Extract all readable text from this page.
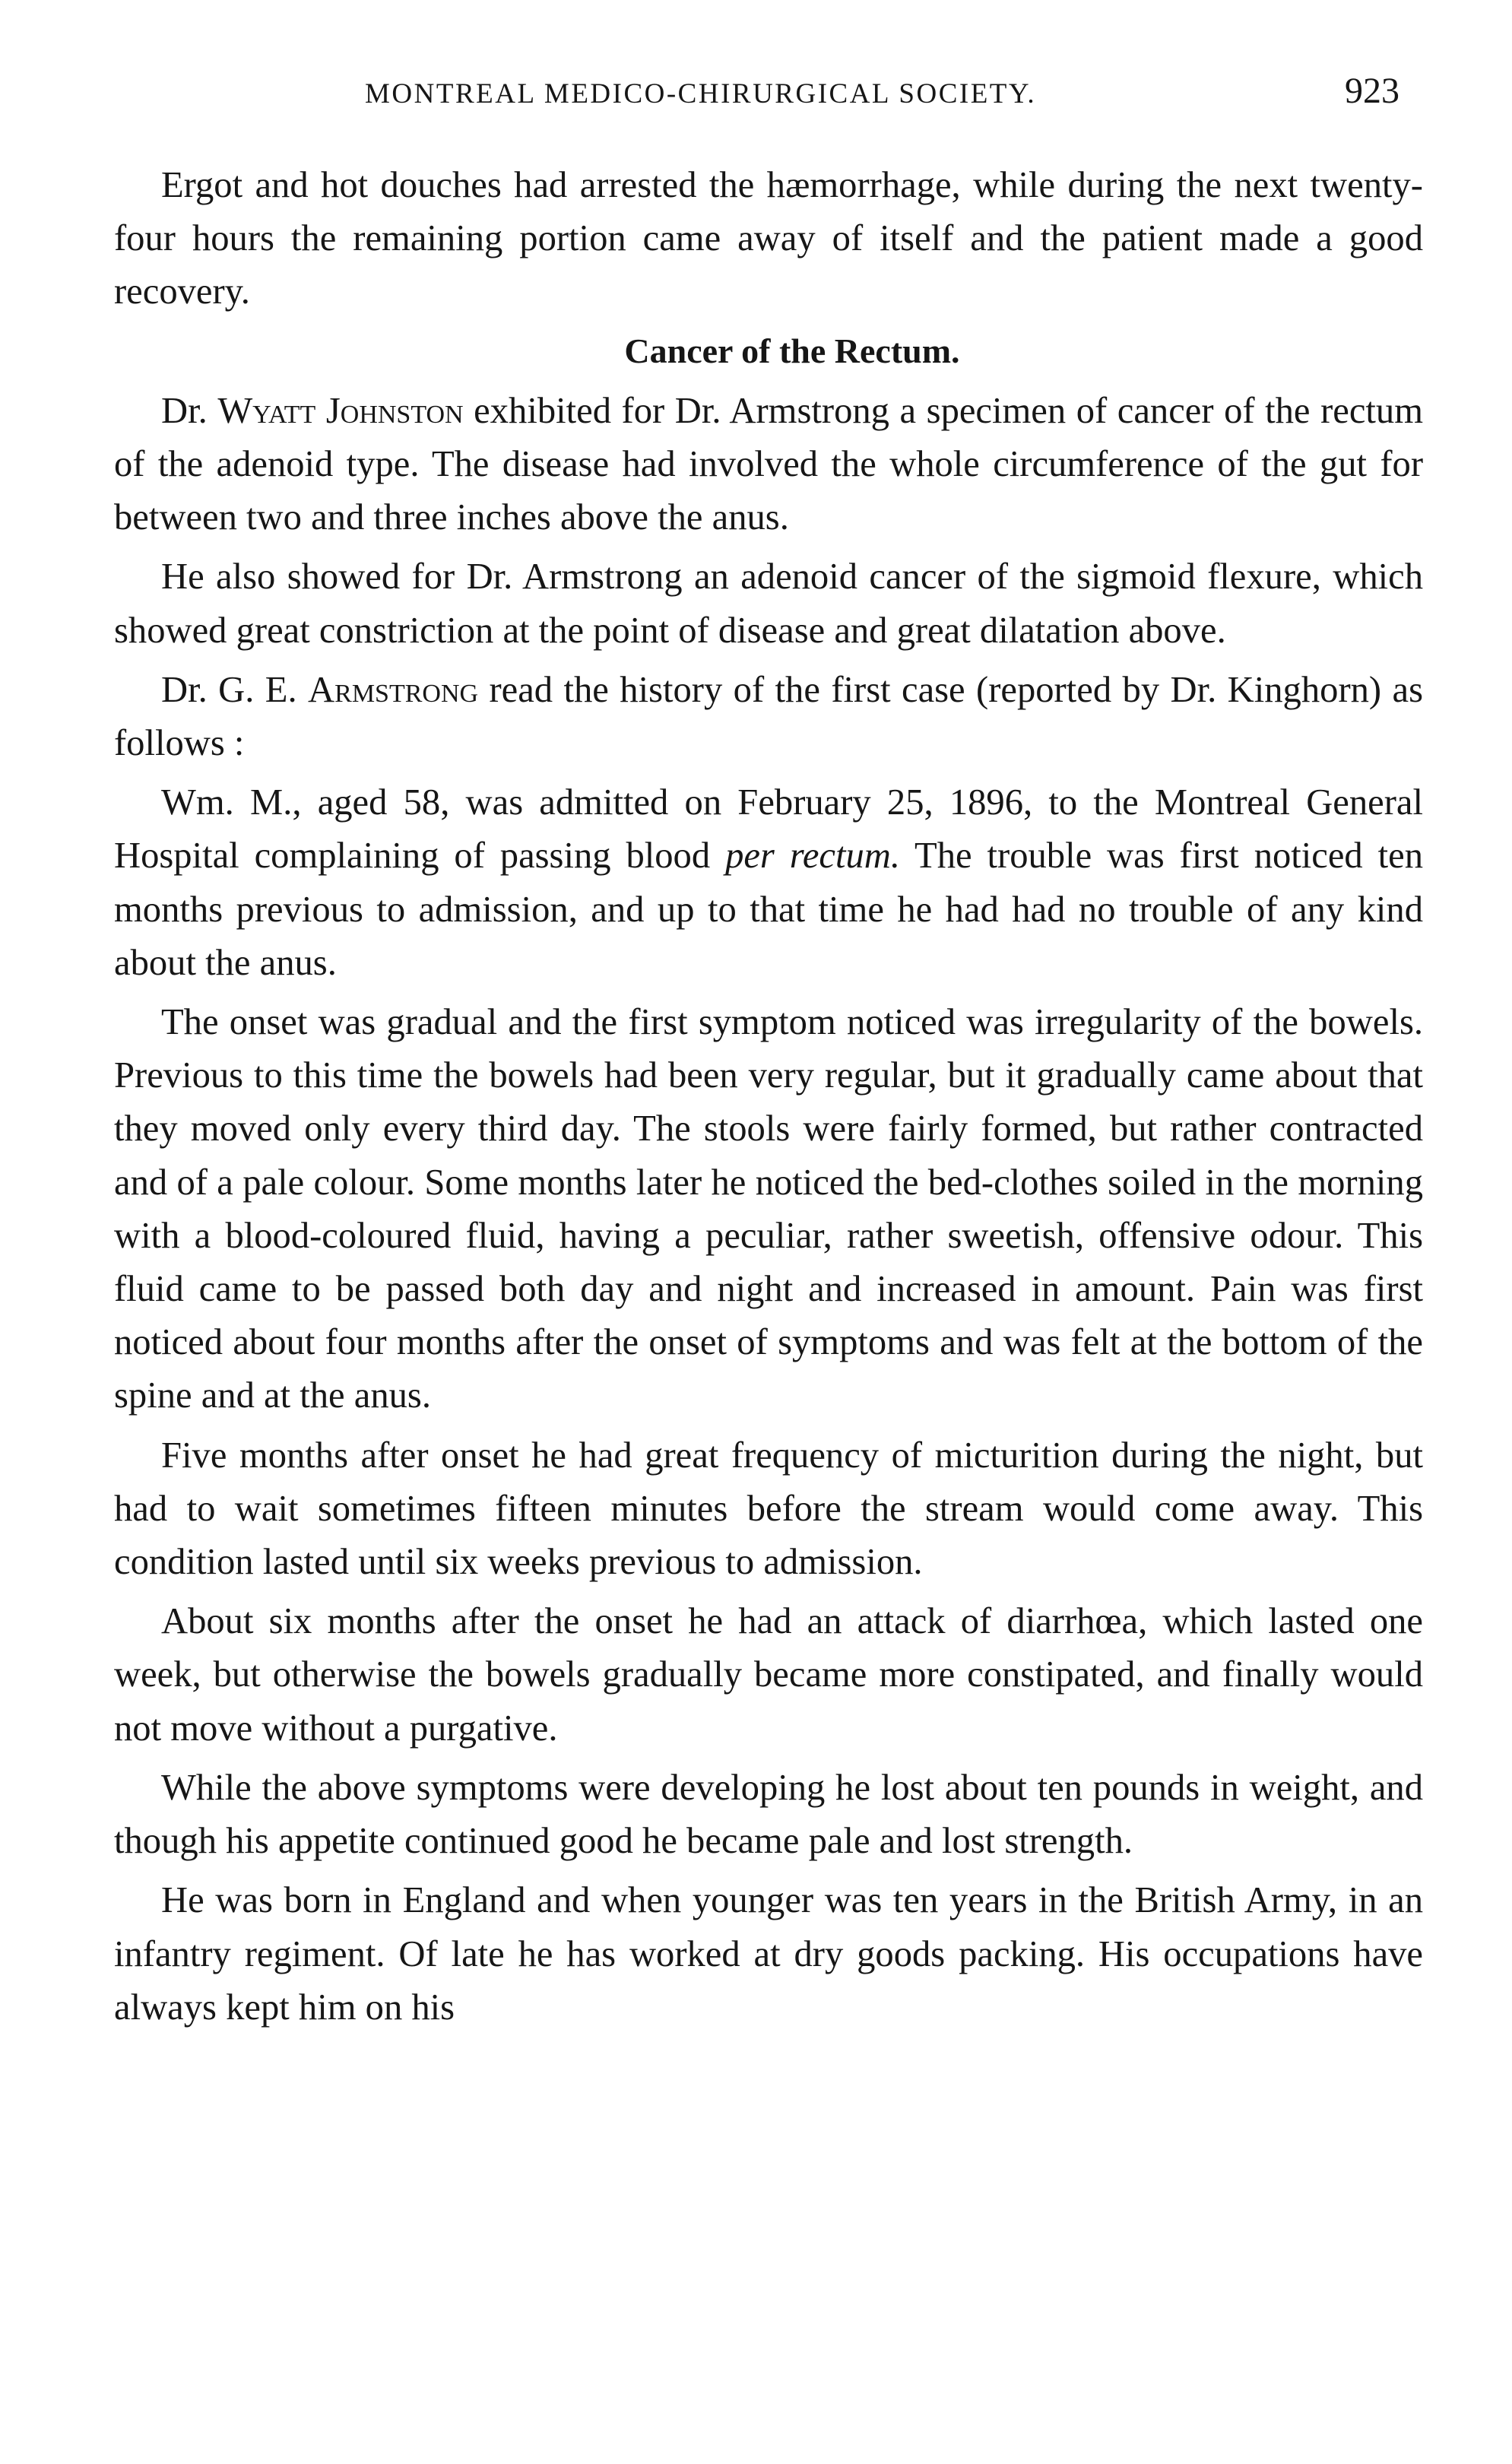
MONTREAL MEDICO-CHIRURGICAL SOCIETY.	923

Ergot and hot douches had arrested the hæmorrhage, while during the next twenty-four hours the remaining portion came away of itself and the patient made a good recovery.

Cancer of the Rectum.

Dr. Wyatt Johnston exhibited for Dr. Armstrong a specimen of cancer of the rectum of the adenoid type. The disease had involved the whole circumference of the gut for between two and three inches above the anus.

He also showed for Dr. Armstrong an adenoid cancer of the sigmoid flexure, which showed great constriction at the point of disease and great dilatation above.

Dr. G. E. Armstrong read the history of the first case (reported by Dr. Kinghorn) as follows :

Wm. M., aged 58, was admitted on February 25, 1896, to the Montreal General Hospital complaining of passing blood per rectum. The trouble was first noticed ten months previous to admission, and up to that time he had had no trouble of any kind about the anus.

The onset was gradual and the first symptom noticed was irregularity of the bowels. Previous to this time the bowels had been very regular, but it gradually came about that they moved only every third day. The stools were fairly formed, but rather contracted and of a pale colour. Some months later he noticed the bed-clothes soiled in the morning with a blood-coloured fluid, having a peculiar, rather sweetish, offensive odour. This fluid came to be passed both day and night and increased in amount. Pain was first noticed about four months after the onset of symptoms and was felt at the bottom of the spine and at the anus.

Five months after onset he had great frequency of micturition during the night, but had to wait sometimes fifteen minutes before the stream would come away. This condition lasted until six weeks previous to admission.

About six months after the onset he had an attack of diarrhœa, which lasted one week, but otherwise the bowels gradually became more constipated, and finally would not move without a purgative.

While the above symptoms were developing he lost about ten pounds in weight, and though his appetite continued good he became pale and lost strength.

He was born in England and when younger was ten years in the British Army, in an infantry regiment. Of late he has worked at dry goods packing. His occupations have always kept him on his
